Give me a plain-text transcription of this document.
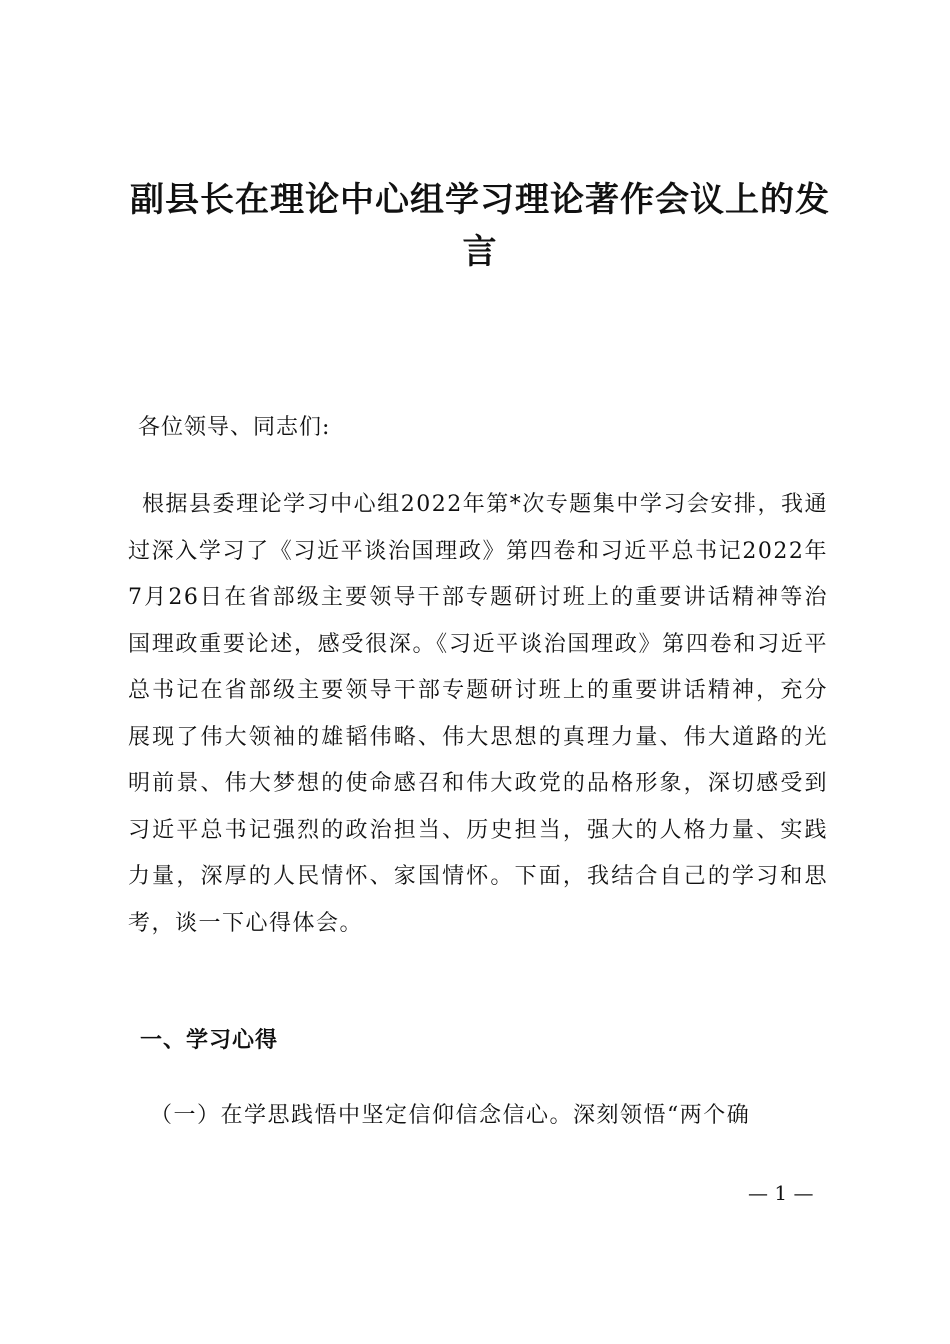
副县长在理论中心组学习理论著作会议上的发言

各位领导、同志们:

根据县委理论学习中心组2022年第*次专题集中学习会安排，我通过深入学习了《习近平谈治国理政》第四卷和习近平总书记2022年7月26日在省部级主要领导干部专题研讨班上的重要讲话精神等治国理政重要论述，感受很深。《习近平谈治国理政》第四卷和习近平总书记在省部级主要领导干部专题研讨班上的重要讲话精神，充分展现了伟大领袖的雄韬伟略、伟大思想的真理力量、伟大道路的光明前景、伟大梦想的使命感召和伟大政党的品格形象，深切感受到习近平总书记强烈的政治担当、历史担当，强大的人格力量、实践力量，深厚的人民情怀、家国情怀。下面，我结合自己的学习和思考，谈一下心得体会。

一、学习心得

（一）在学思践悟中坚定信仰信念信心。深刻领悟“两个确

— 1 —
